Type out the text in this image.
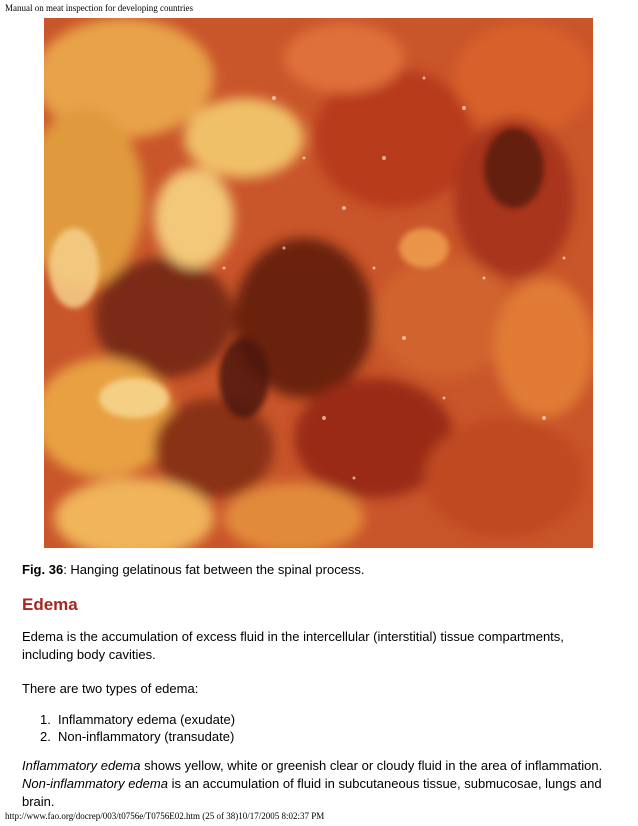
Manual on meat inspection for developing countries
Fig. 36: Hanging gelatinous fat between the spinal process.
Edema
Edema is the accumulation of excess fluid in the intercellular (interstitial) tissue compartments, including body cavities.
There are two types of edema:
1. Inflammatory edema (exudate)
2. Non-inflammatory (transudate)
Inflammatory edema shows yellow, white or greenish clear or cloudy fluid in the area of inflammation. Non-inflammatory edema is an accumulation of fluid in subcutaneous tissue, submucosae, lungs and brain.
http://www.fao.org/docrep/003/t0756e/T0756E02.htm (25 of 38)10/17/2005 8:02:37 PM
